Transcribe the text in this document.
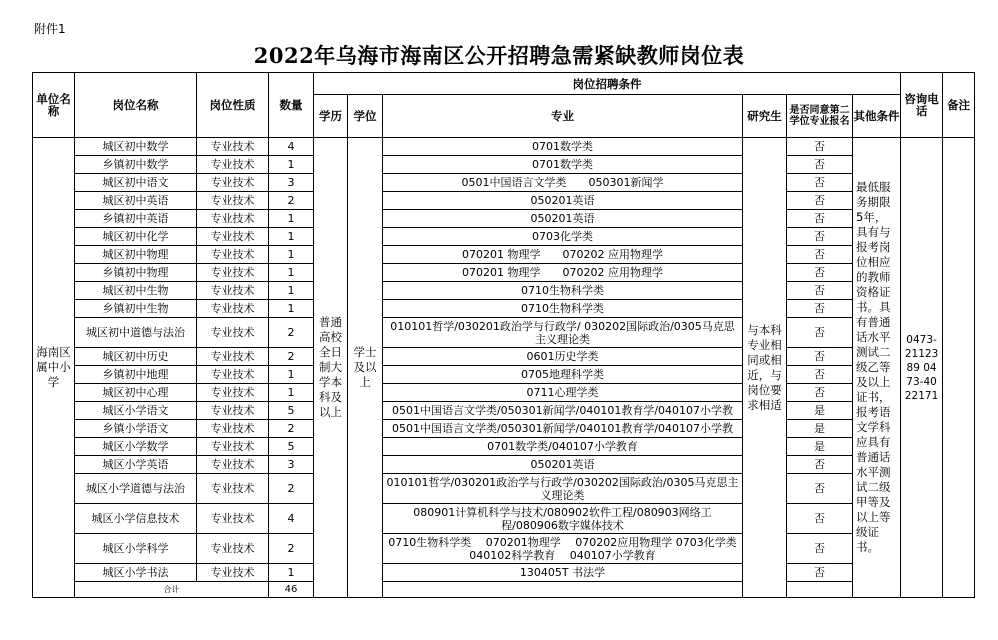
附件1
2022年乌海市海南区公开招聘急需紧缺教师岗位表
单位名称	岗位名称	岗位性质	数量	岗位招聘条件						咨询电话	备注
				学历	学位	专业	研究生	是否同意第二学位专业报名	其他条件		
海南区属中小学	城区初中数学	专业技术	4	普通高校全日制大学本科及以上	学士及以上	0701数学类	与本科专业相同或相近，与岗位要求相适	否	最低服务期限5年，具有与报考岗位相应的教师资格证书。具有普通话水平测试二级乙等及以上证书，报考语文学科应具有普通话水平测试二级甲等及以上等级证书。	0473-2112389 0473-4022171	
	乡镇初中数学	专业技术	1			0701数学类		否			
	城区初中语文	专业技术	3			0501中国语言文学类　　050301新闻学		否			
	城区初中英语	专业技术	2			050201英语		否			
	乡镇初中英语	专业技术	1			050201英语		否			
	城区初中化学	专业技术	1			0703化学类		否			
	城区初中物理	专业技术	1			070201 物理学　　070202 应用物理学		否			
	乡镇初中物理	专业技术	1			070201 物理学　　070202 应用物理学		否			
	城区初中生物	专业技术	1			0710生物科学类		否			
	乡镇初中生物	专业技术	1			0710生物科学类		否			
	城区初中道德与法治	专业技术	2			010101哲学/030201政治学与行政学/ 030202国际政治/0305马克思主义理论类		否			
	城区初中历史	专业技术	2			0601历史学类		否			
	乡镇初中地理	专业技术	1			0705地理科学类		否			
	城区初中心理	专业技术	1			0711心理学类		否			
	城区小学语文	专业技术	5			0501中国语言文学类/050301新闻学/040101教育学/040107小学教		是			
	乡镇小学语文	专业技术	2			0501中国语言文学类/050301新闻学/040101教育学/040107小学教		是			
	城区小学数学	专业技术	5			0701数学类/040107小学教育		是			
	城区小学英语	专业技术	3			050201英语		否			
	城区小学道德与法治	专业技术	2			010101哲学/030201政治学与行政学/030202国际政治/0305马克思主义理论类		否			
	城区小学信息技术	专业技术	4			080901计算机科学与技术/080902软件工程/080903网络工程/080906数字媒体技术		否			
	城区小学科学	专业技术	2			0710生物科学类　 070201物理学　 070202应用物理学 0703化学类　 040102科学教育　 040107小学教育		否			
	城区小学书法	专业技术	1			130405T 书法学		否			
	合计		46								
